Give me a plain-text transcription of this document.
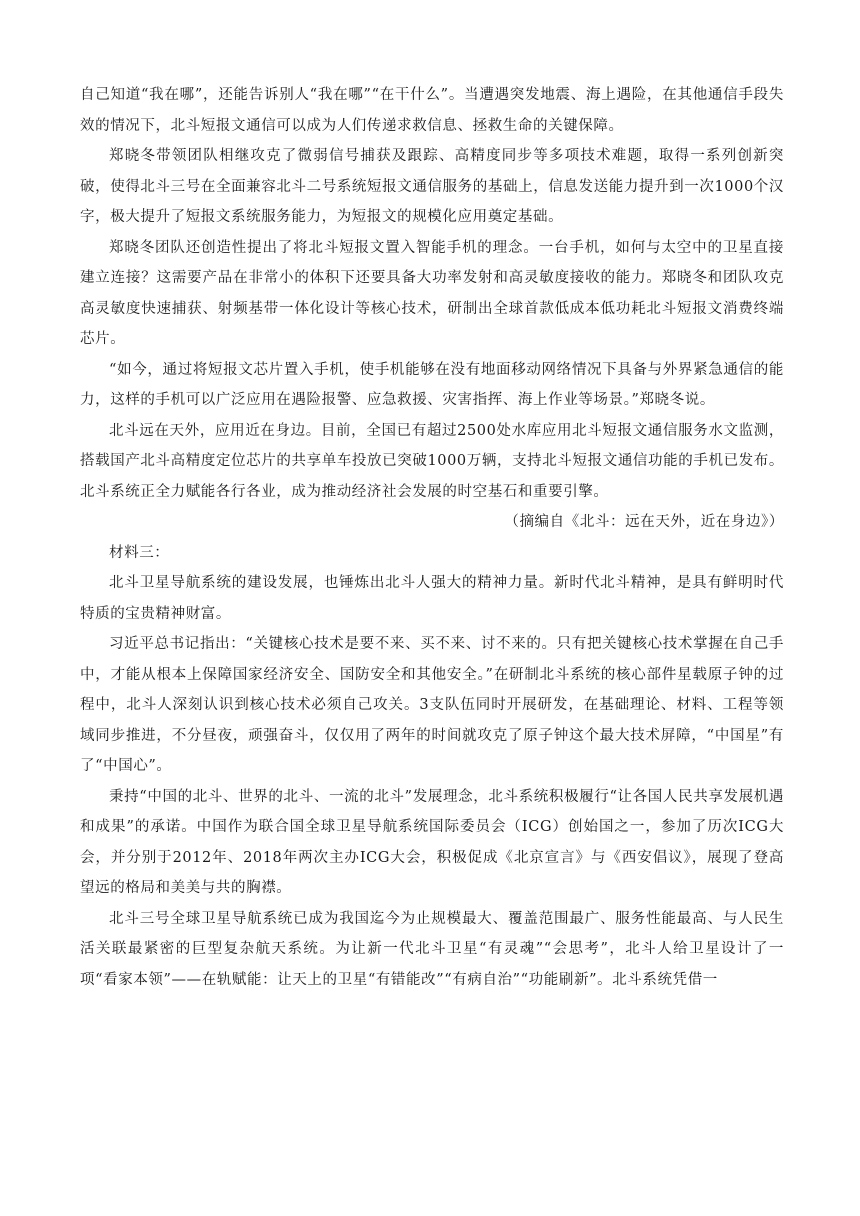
自己知道“我在哪”，还能告诉别人“我在哪”“在干什么”。当遭遇突发地震、海上遇险，在其他通信手段失效的情况下，北斗短报文通信可以成为人们传递求救信息、拯救生命的关键保障。

郑晓冬带领团队相继攻克了微弱信号捕获及跟踪、高精度同步等多项技术难题，取得一系列创新突破，使得北斗三号在全面兼容北斗二号系统短报文通信服务的基础上，信息发送能力提升到一次1000个汉字，极大提升了短报文系统服务能力，为短报文的规模化应用奠定基础。

郑晓冬团队还创造性提出了将北斗短报文置入智能手机的理念。一台手机，如何与太空中的卫星直接建立连接？这需要产品在非常小的体积下还要具备大功率发射和高灵敏度接收的能力。郑晓冬和团队攻克高灵敏度快速捕获、射频基带一体化设计等核心技术，研制出全球首款低成本低功耗北斗短报文消费终端芯片。

“如今，通过将短报文芯片置入手机，使手机能够在没有地面移动网络情况下具备与外界紧急通信的能力，这样的手机可以广泛应用在遇险报警、应急救援、灾害指挥、海上作业等场景。”郑晓冬说。

北斗远在天外，应用近在身边。目前，全国已有超过2500处水库应用北斗短报文通信服务水文监测，搭载国产北斗高精度定位芯片的共享单车投放已突破1000万辆，支持北斗短报文通信功能的手机已发布。北斗系统正全力赋能各行各业，成为推动经济社会发展的时空基石和重要引擎。

（摘编自《北斗：远在天外，近在身边》）

材料三：

北斗卫星导航系统的建设发展，也锤炼出北斗人强大的精神力量。新时代北斗精神，是具有鲜明时代特质的宝贵精神财富。

习近平总书记指出：“关键核心技术是要不来、买不来、讨不来的。只有把关键核心技术掌握在自己手中，才能从根本上保障国家经济安全、国防安全和其他安全。”在研制北斗系统的核心部件星载原子钟的过程中，北斗人深刻认识到核心技术必须自己攻关。3支队伍同时开展研发，在基础理论、材料、工程等领域同步推进，不分昼夜，顽强奋斗，仅仅用了两年的时间就攻克了原子钟这个最大技术屏障，“中国星”有了“中国心”。

秉持“中国的北斗、世界的北斗、一流的北斗”发展理念，北斗系统积极履行“让各国人民共享发展机遇和成果”的承诺。中国作为联合国全球卫星导航系统国际委员会（ICG）创始国之一，参加了历次ICG大会，并分别于2012年、2018年两次主办ICG大会，积极促成《北京宣言》与《西安倡议》，展现了登高望远的格局和美美与共的胸襟。

北斗三号全球卫星导航系统已成为我国迄今为止规模最大、覆盖范围最广、服务性能最高、与人民生活关联最紧密的巨型复杂航天系统。为让新一代北斗卫星“有灵魂”“会思考”，北斗人给卫星设计了一项“看家本领”——在轨赋能：让天上的卫星“有错能改”“有病自治”“功能刷新”。北斗系统凭借一
